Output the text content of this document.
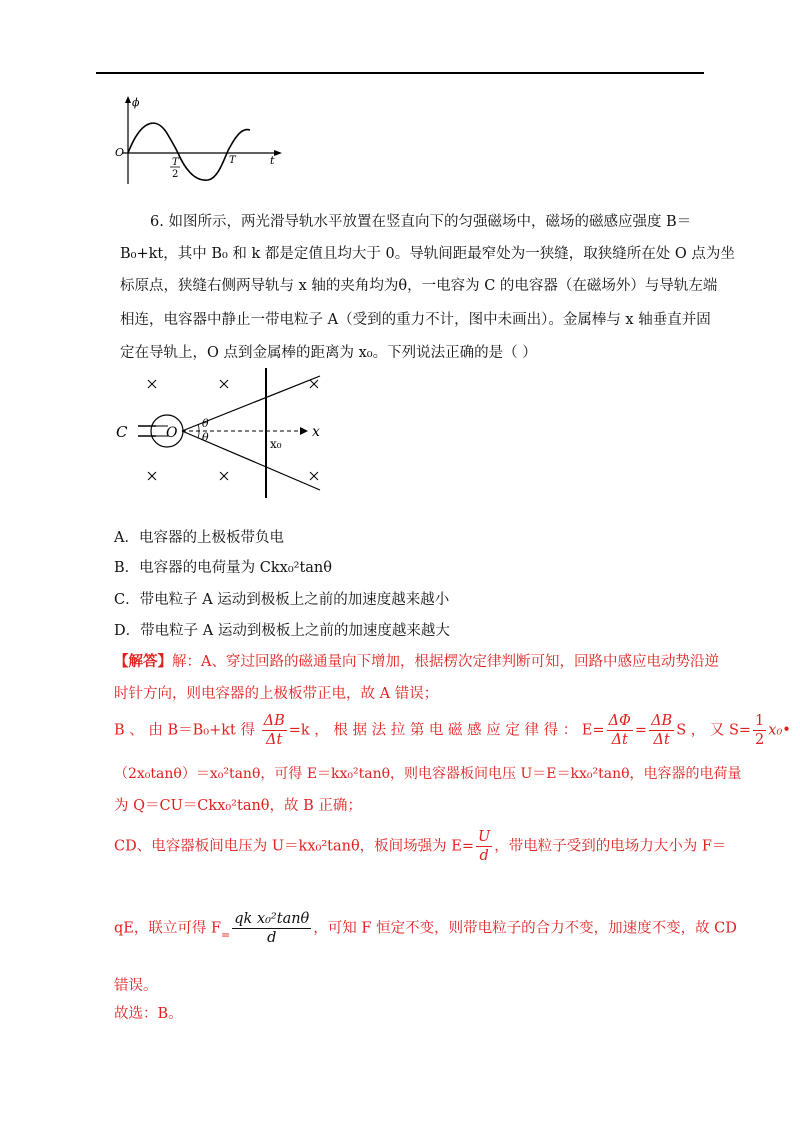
ϕ
O
t
T
2
T
6. 如图所示，两光滑导轨水平放置在竖直向下的匀强磁场中，磁场的磁感应强度 B＝
B₀+kt，其中 B₀ 和 k 都是定值且均大于 0。导轨间距最窄处为一狭缝，取狭缝所在处 O 点为坐
标原点，狭缝右侧两导轨与 x 轴的夹角均为θ，一电容为 C 的电容器（在磁场外）与导轨左端
相连，电容器中静止一带电粒子 A（受到的重力不计，图中未画出）。金属棒与 x 轴垂直并固
定在导轨上，O 点到金属棒的距离为 x₀。下列说法正确的是（ ）
C	O
θ
θ	x
x₀
A．电容器的上极板带负电
B．电容器的电荷量为 Ckx₀²tanθ
C．带电粒子 A 运动到极板上之前的加速度越来越小
D．带电粒子 A 运动到极板上之前的加速度越来越大
【解答】解：A、穿过回路的磁通量向下增加，根据楞次定律判断可知，回路中感应电动势沿逆
时针方向，则电容器的上极板带正电，故 A 错误；
B 、 由 B＝B₀+kt 得 $\frac{\Delta B}{\Delta t} =k$ ， 根 据 法 拉 第 电 磁 感 应 定 律 得 ： $E= \frac{\Delta\Phi}{\Delta t} = \frac{\Delta B}{\Delta t}$ S ， 又 $S= \frac{1}{2}$ x₀•
（2x₀tanθ）＝x₀²tanθ，可得 E＝kx₀²tanθ，则电容器板间电压 U＝E＝kx₀²tanθ，电容器的电荷量
为 Q＝CU＝Ckx₀²tanθ，故 B 正确；
CD、电容器板间电压为 U＝kx₀²tanθ，板间场强为 $E= \frac{U}{d}$ ，带电粒子受到的电场力大小为 F＝
qE，联立可得 $F_= \frac{\text{qk x₀²tanθ}}{d}$ ，可知 F 恒定不变，则带电粒子的合力不变，加速度不变，故 CD
错误。
故选：B。
